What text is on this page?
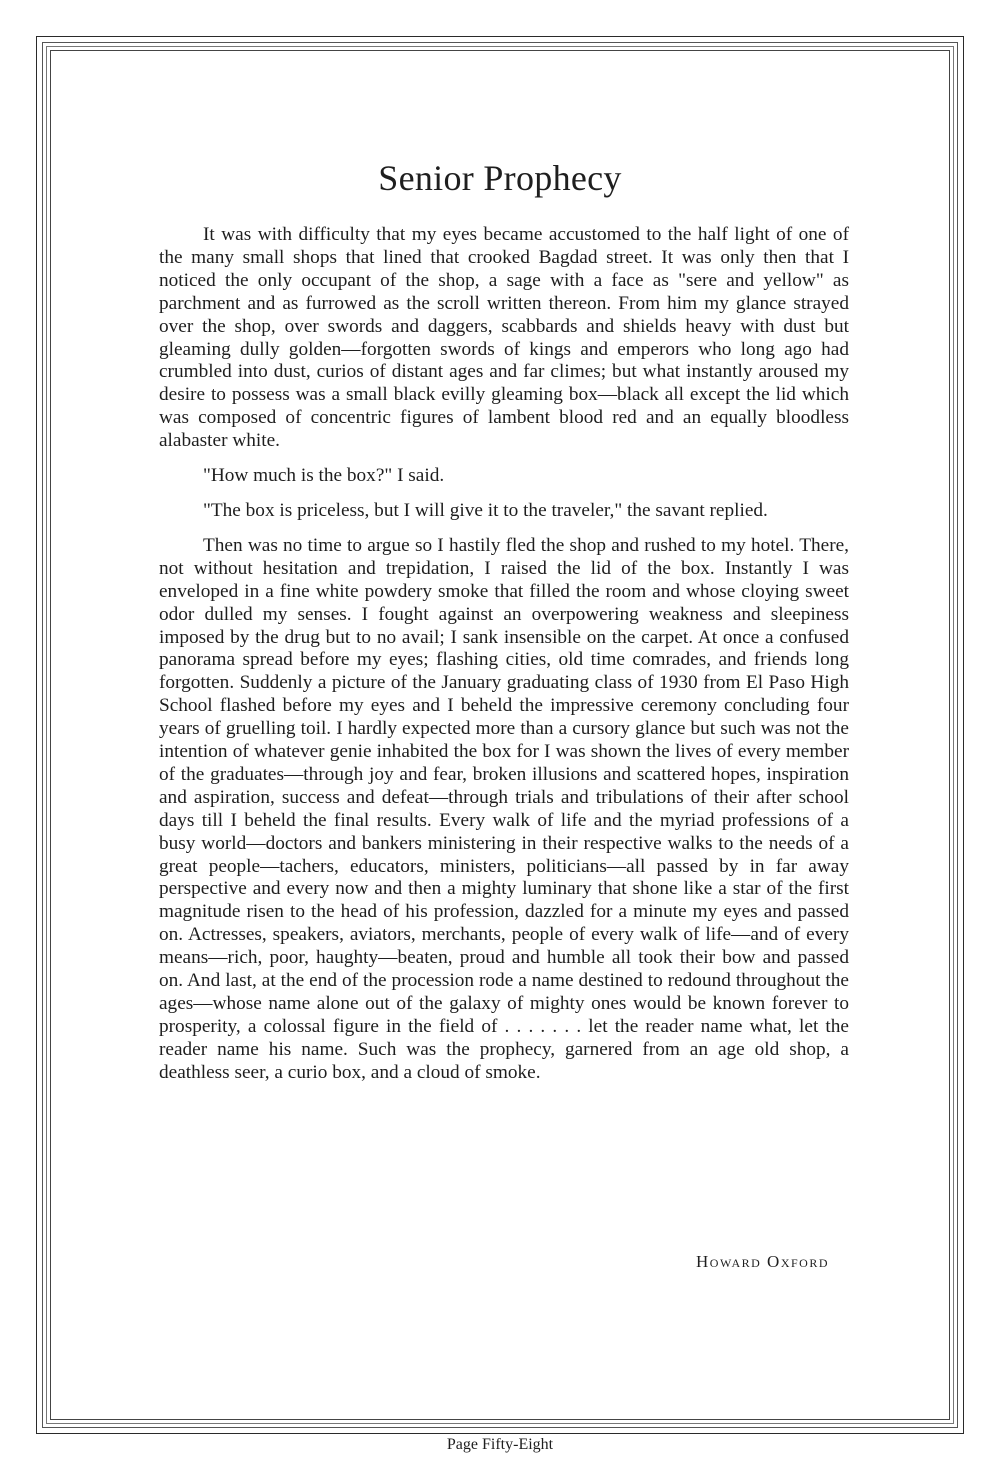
Senior Prophecy

It was with difficulty that my eyes became accustomed to the half light of one of the many small shops that lined that crooked Bagdad street. It was only then that I noticed the only occupant of the shop, a sage with a face as "sere and yellow" as parchment and as furrowed as the scroll written thereon. From him my glance strayed over the shop, over swords and daggers, scabbards and shields heavy with dust but gleaming dully golden—forgotten swords of kings and emperors who long ago had crumbled into dust, curios of distant ages and far climes; but what instantly aroused my desire to possess was a small black evilly gleaming box—black all except the lid which was composed of concentric figures of lambent blood red and an equally bloodless alabaster white.

"How much is the box?" I said.

"The box is priceless, but I will give it to the traveler," the savant replied.

Then was no time to argue so I hastily fled the shop and rushed to my hotel. There, not without hesitation and trepidation, I raised the lid of the box. Instantly I was enveloped in a fine white powdery smoke that filled the room and whose cloying sweet odor dulled my senses. I fought against an overpowering weakness and sleepiness imposed by the drug but to no avail; I sank insensible on the carpet. At once a confused panorama spread before my eyes; flashing cities, old time comrades, and friends long forgotten. Suddenly a picture of the January graduating class of 1930 from El Paso High School flashed before my eyes and I beheld the impressive ceremony concluding four years of gruelling toil. I hardly expected more than a cursory glance but such was not the intention of whatever genie inhabited the box for I was shown the lives of every member of the graduates—through joy and fear, broken illusions and scattered hopes, inspiration and aspiration, success and defeat—through trials and tribulations of their after school days till I beheld the final results. Every walk of life and the myriad professions of a busy world—doctors and bankers ministering in their respective walks to the needs of a great people—tachers, educators, ministers, politicians—all passed by in far away perspective and every now and then a mighty luminary that shone like a star of the first magnitude risen to the head of his profession, dazzled for a minute my eyes and passed on. Actresses, speakers, aviators, merchants, people of every walk of life—and of every means—rich, poor, haughty—beaten, proud and humble all took their bow and passed on. And last, at the end of the procession rode a name destined to redound throughout the ages—whose name alone out of the galaxy of mighty ones would be known forever to prosperity, a colossal figure in the field of . . . . . . . let the reader name what, let the reader name his name. Such was the prophecy, garnered from an age old shop, a deathless seer, a curio box, and a cloud of smoke.

Howard Oxford
Page Fifty-Eight
